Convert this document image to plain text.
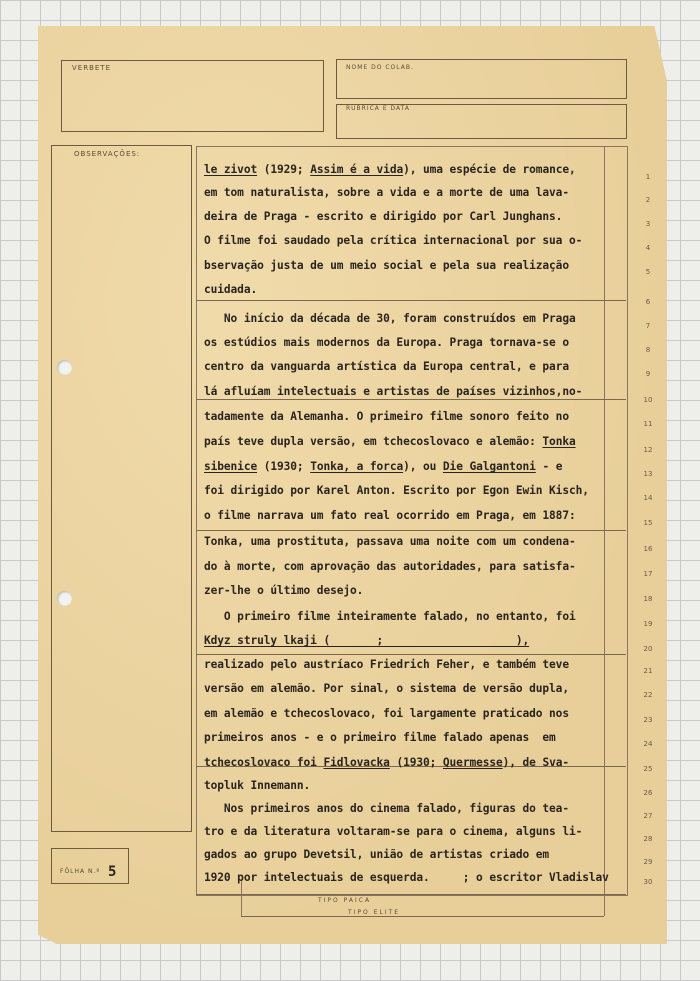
VERBETE	NOME DO COLAB.
RUBRICA E DATA
OBSERVAÇÕES:
FÔLHA N.º 5
TIPO PAICA
TIPO ELITE
1
2
3
4
5
6
7
8
9
10
11
12
13
14
15
16
17
18
19
20
21
22
23
24
25
26
27
28
29
30
le zivot (1929; Assim é a vida), uma espécie de romance,
em tom naturalista, sobre a vida e a morte de uma lava-
deira de Praga - escrito e dirigido por Carl Junghans.
O filme foi saudado pela crítica internacional por sua o-
bservação justa de um meio social e pela sua realização
cuidada.
No início da década de 30, foram construídos em Praga
os estúdios mais modernos da Europa. Praga tornava-se o
centro da vanguarda artística da Europa central, e para
lá afluíam intelectuais e artistas de países vizinhos,no-
tadamente da Alemanha. O primeiro filme sonoro feito no
país teve dupla versão, em tchecoslovaco e alemão: Tonka
sibenice (1930; Tonka, a forca), ou Die Galgantoni - e
foi dirigido por Karel Anton. Escrito por Egon Ewin Kisch,
o filme narrava um fato real ocorrido em Praga, em 1887:
Tonka, uma prostituta, passava uma noite com um condena-
do à morte, com aprovação das autoridades, para satisfa-
zer-lhe o último desejo.
O primeiro filme inteiramente falado, no entanto, foi
Kdyz struly lkaji (       ;                    ),
realizado pelo austríaco Friedrich Feher, e também teve
versão em alemão. Por sinal, o sistema de versão dupla,
em alemão e tchecoslovaco, foi largamente praticado nos
primeiros anos - e o primeiro filme falado apenas  em
tchecoslovaco foi Fidlovacka (1930; Quermesse), de Sva-
topluk Innemann.
Nos primeiros anos do cinema falado, figuras do tea-
tro e da literatura voltaram-se para o cinema, alguns li-
gados ao grupo Devetsil, união de artistas criado em
1920 por intelectuais de esquerda.     ; o escritor Vladislav
